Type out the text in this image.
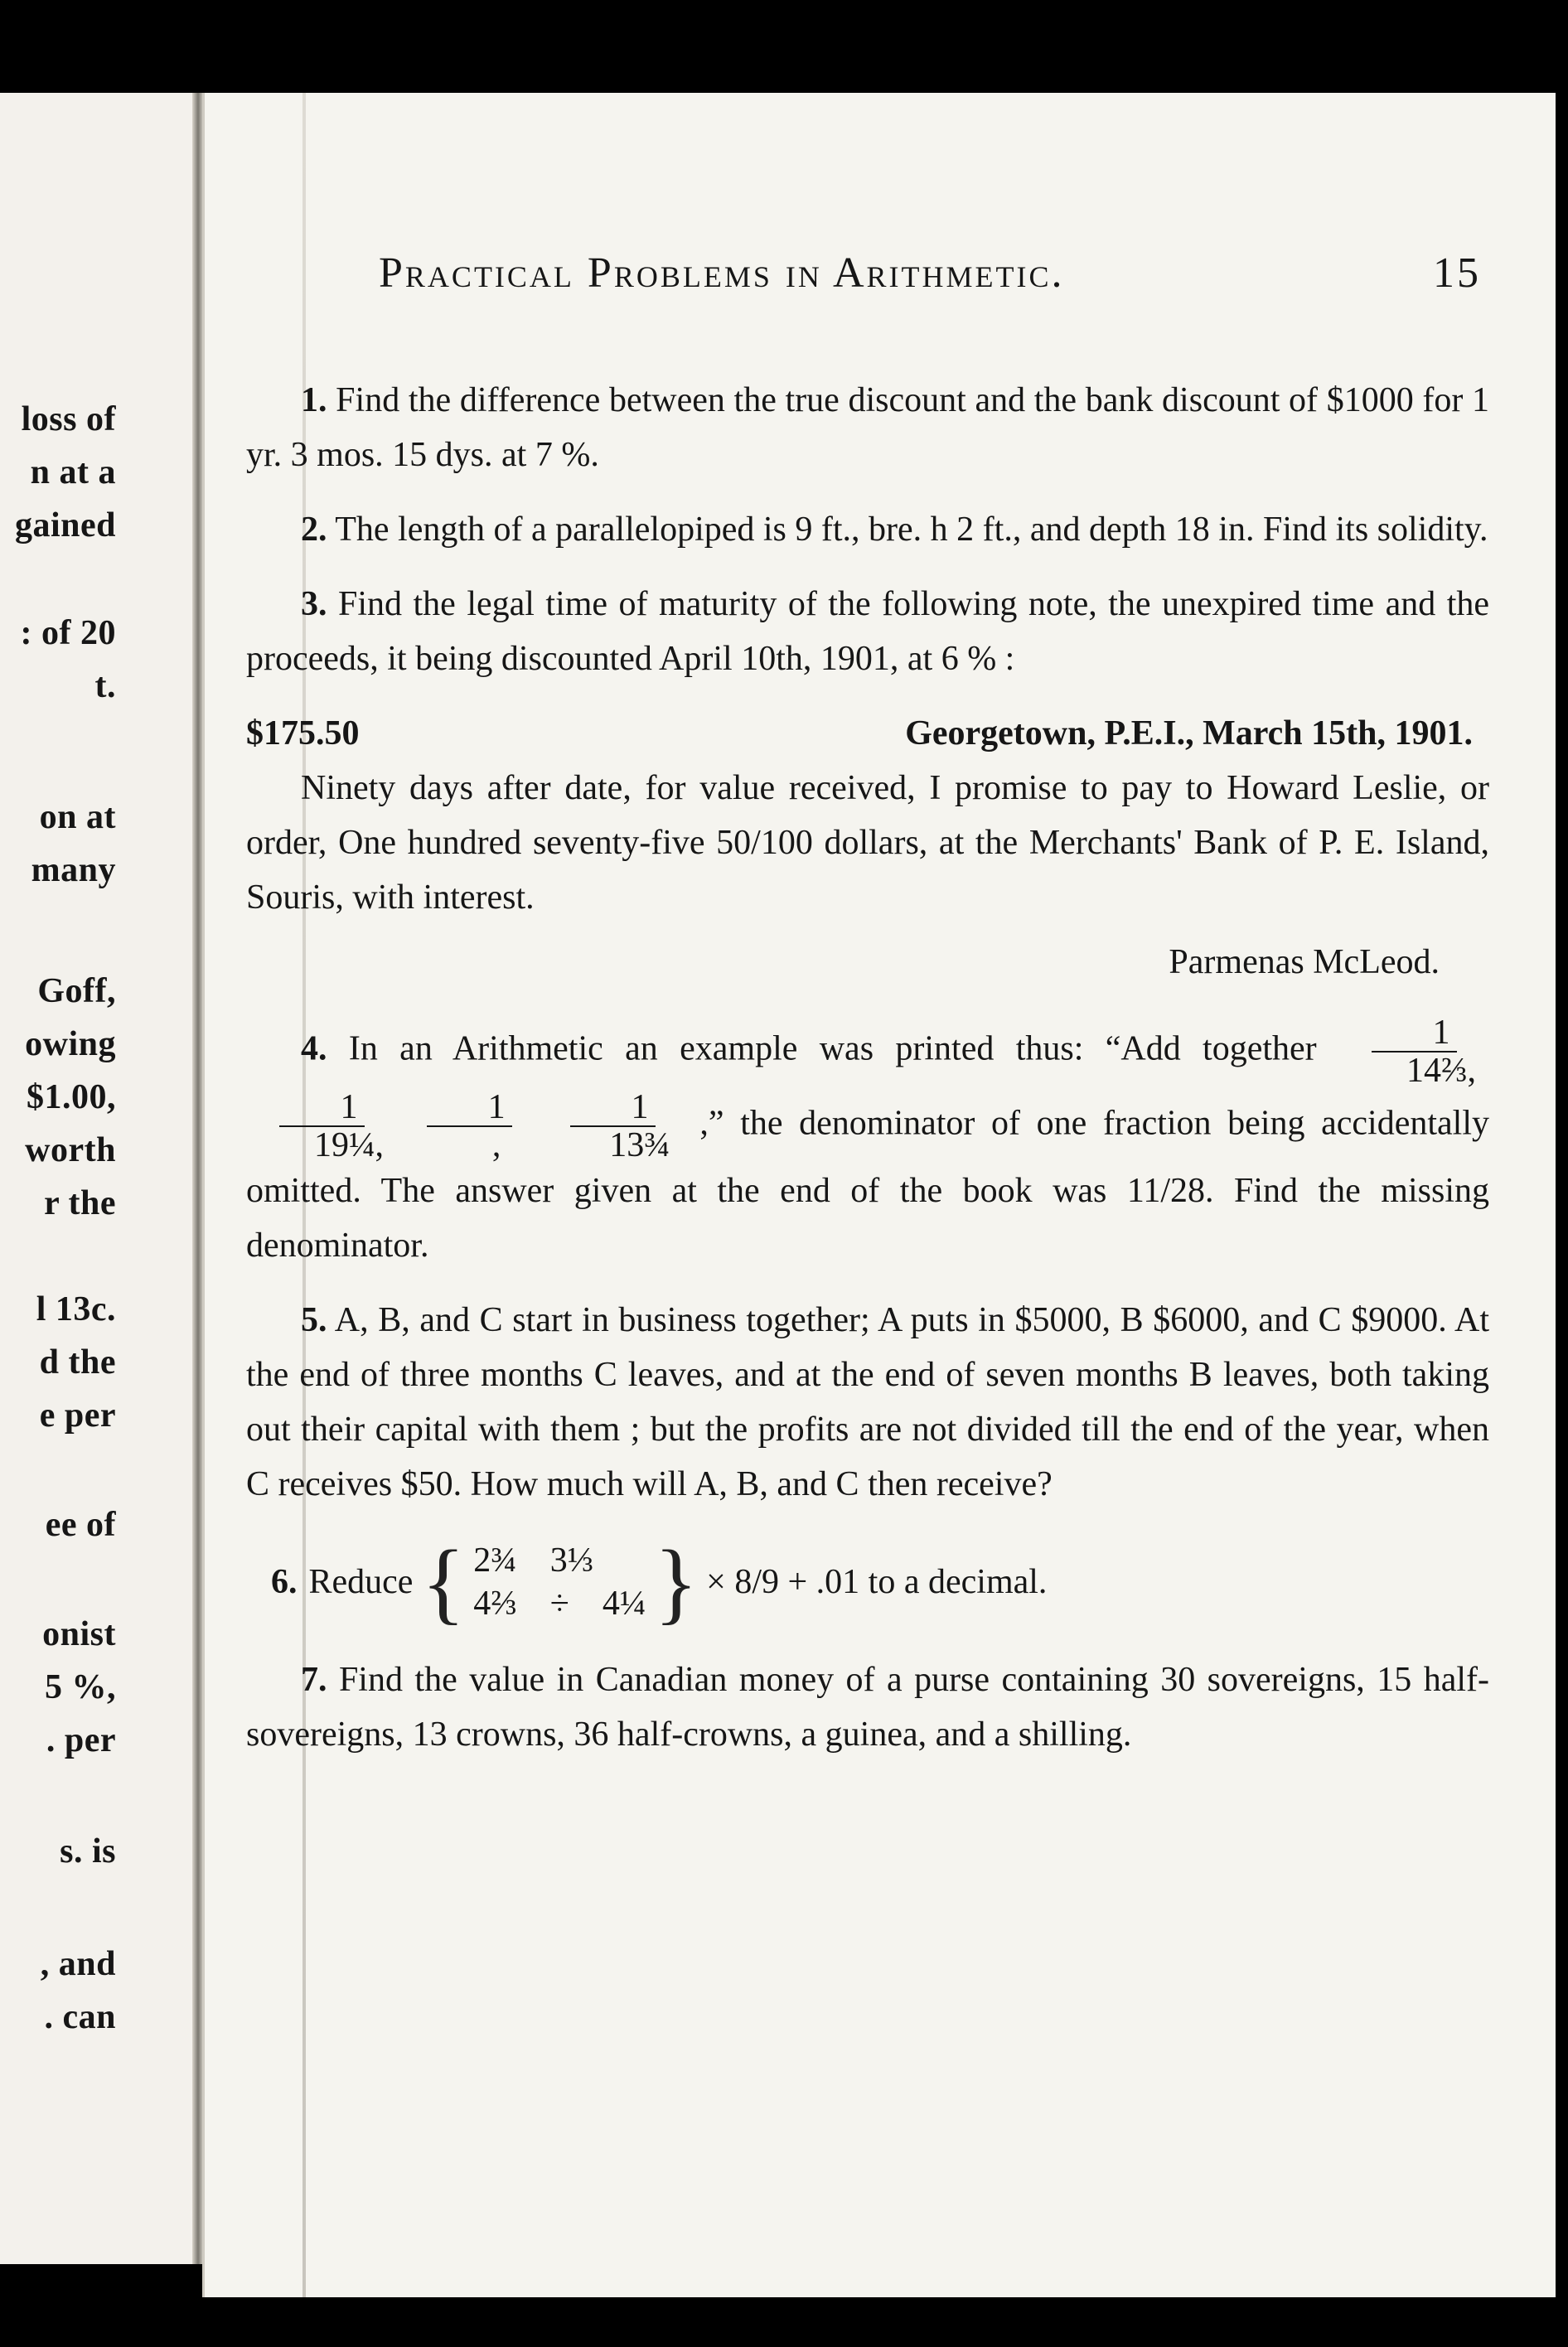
loss of
n at a
gained
: of 20
t.
on at
many
Goff,
owing
$1.00,
worth
r the
l 13c.
d the
e per
ee of
onist
5 %,
. per
s. is
, and
. can
Practical Problems in Arithmetic.	15

1. Find the difference between the true discount and the bank discount of $1000 for 1 yr. 3 mos. 15 dys. at 7 %.

2. The length of a parallelopiped is 9 ft., bre. h 2 ft., and depth 18 in. Find its solidity.

3. Find the legal time of maturity of the following note, the unexpired time and the proceeds, it being discounted April 10th, 1901, at 6 % :

$175.50	Georgetown, P.E.I., March 15th, 1901.

Ninety days after date, for value received, I promise to pay to Howard Leslie, or order, One hundred seventy-five 50/100 dollars, at the Merchants' Bank of P. E. Island, Souris, with interest.

Parmenas McLeod.

4. In an Arithmetic an example was printed thus: “Add together $\frac{1}{\text{14⅔,}}$

$\frac{1}{\text{19¼,}}$
$\frac{1}{,}$
$\frac{1}{\text{13¾}}$ ,” the denominator of one fraction being accidentally omitted. The answer given at the end of the book was 11/28. Find the missing denominator.

5. A, B, and C start in business together; A puts in $5000, B $6000, and C $9000. At the end of three months C leaves, and at the end of seven months B leaves, both taking out their capital with them ; but the profits are not divided till the end of the year, when C receives $50. How much will A, B, and C then receive?

6. Reduce { 2¾ 3⅓
4⅔ ÷ 4¼ } × 8/9 + .01 to a decimal.

7. Find the value in Canadian money of a purse containing 30 sovereigns, 15 half-sovereigns, 13 crowns, 36 half-crowns, a guinea, and a shilling.
